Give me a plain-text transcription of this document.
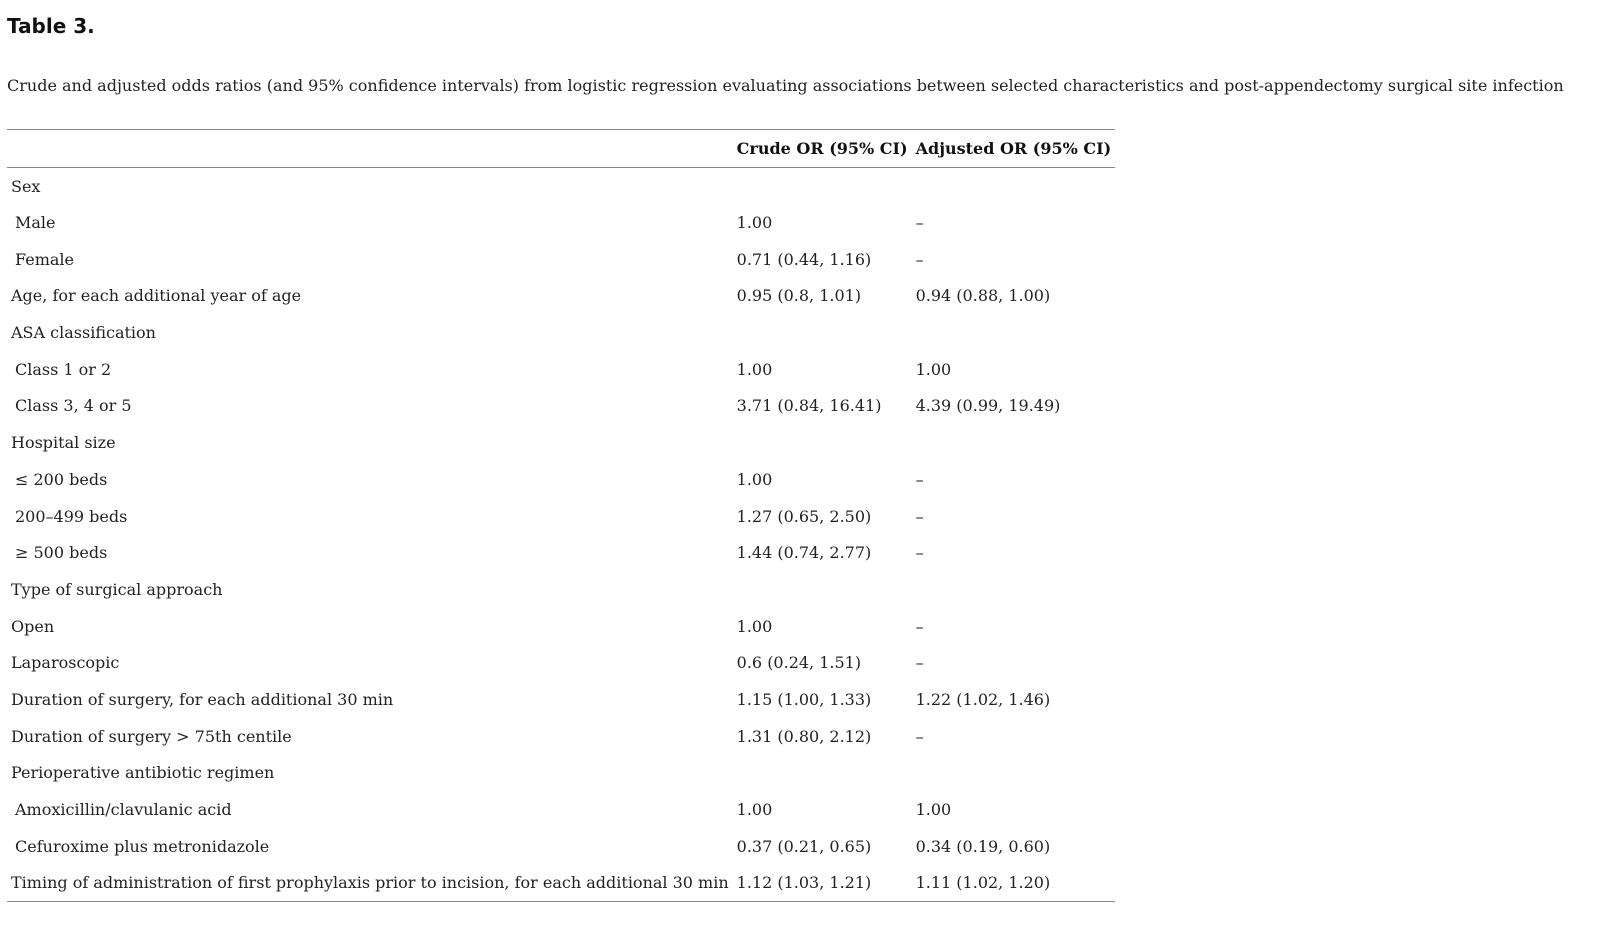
Table 3.

Crude and adjusted odds ratios (and 95% confidence intervals) from logistic regression evaluating associations between selected characteristics and post-appendectomy surgical site infection

	Crude OR (95% CI)	Adjusted OR (95% CI)
Sex		
Male	1.00	–
Female	0.71 (0.44, 1.16)	–
Age, for each additional year of age	0.95 (0.8, 1.01)	0.94 (0.88, 1.00)
ASA classification		
Class 1 or 2	1.00	1.00
Class 3, 4 or 5	3.71 (0.84, 16.41)	4.39 (0.99, 19.49)
Hospital size		
≤ 200 beds	1.00	–
200–499 beds	1.27 (0.65, 2.50)	–
≥ 500 beds	1.44 (0.74, 2.77)	–
Type of surgical approach		
Open	1.00	–
Laparoscopic	0.6 (0.24, 1.51)	–
Duration of surgery, for each additional 30 min	1.15 (1.00, 1.33)	1.22 (1.02, 1.46)
Duration of surgery > 75th centile	1.31 (0.80, 2.12)	–
Perioperative antibiotic regimen		
Amoxicillin/clavulanic acid	1.00	1.00
Cefuroxime plus metronidazole	0.37 (0.21, 0.65)	0.34 (0.19, 0.60)
Timing of administration of first prophylaxis prior to incision, for each additional 30 min	1.12 (1.03, 1.21)	1.11 (1.02, 1.20)
